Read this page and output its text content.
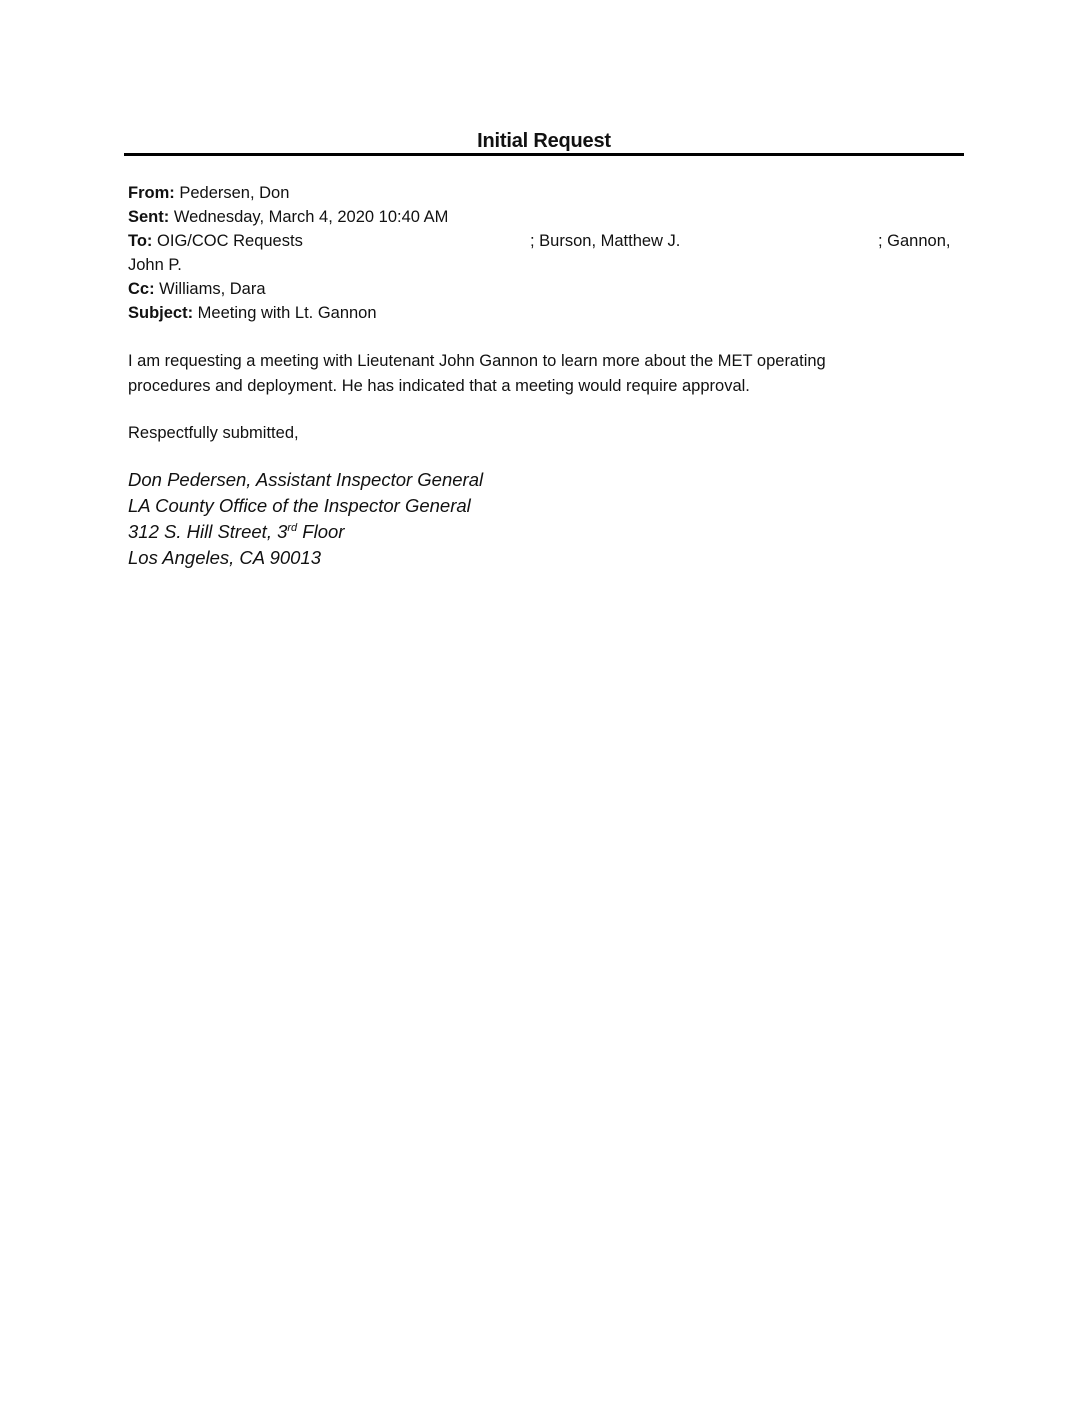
Initial Request
From: Pedersen, Don
Sent: Wednesday, March 4, 2020 10:40 AM
To: OIG/COC Requests	; Burson, Matthew J.	; Gannon,
John P.
Cc: Williams, Dara
Subject: Meeting with Lt. Gannon
I am requesting a meeting with Lieutenant John Gannon to learn more about the MET operating procedures and deployment. He has indicated that a meeting would require approval.
Respectfully submitted,
Don Pedersen, Assistant Inspector General
LA County Office of the Inspector General
312 S. Hill Street, 3rd Floor
Los Angeles, CA 90013
